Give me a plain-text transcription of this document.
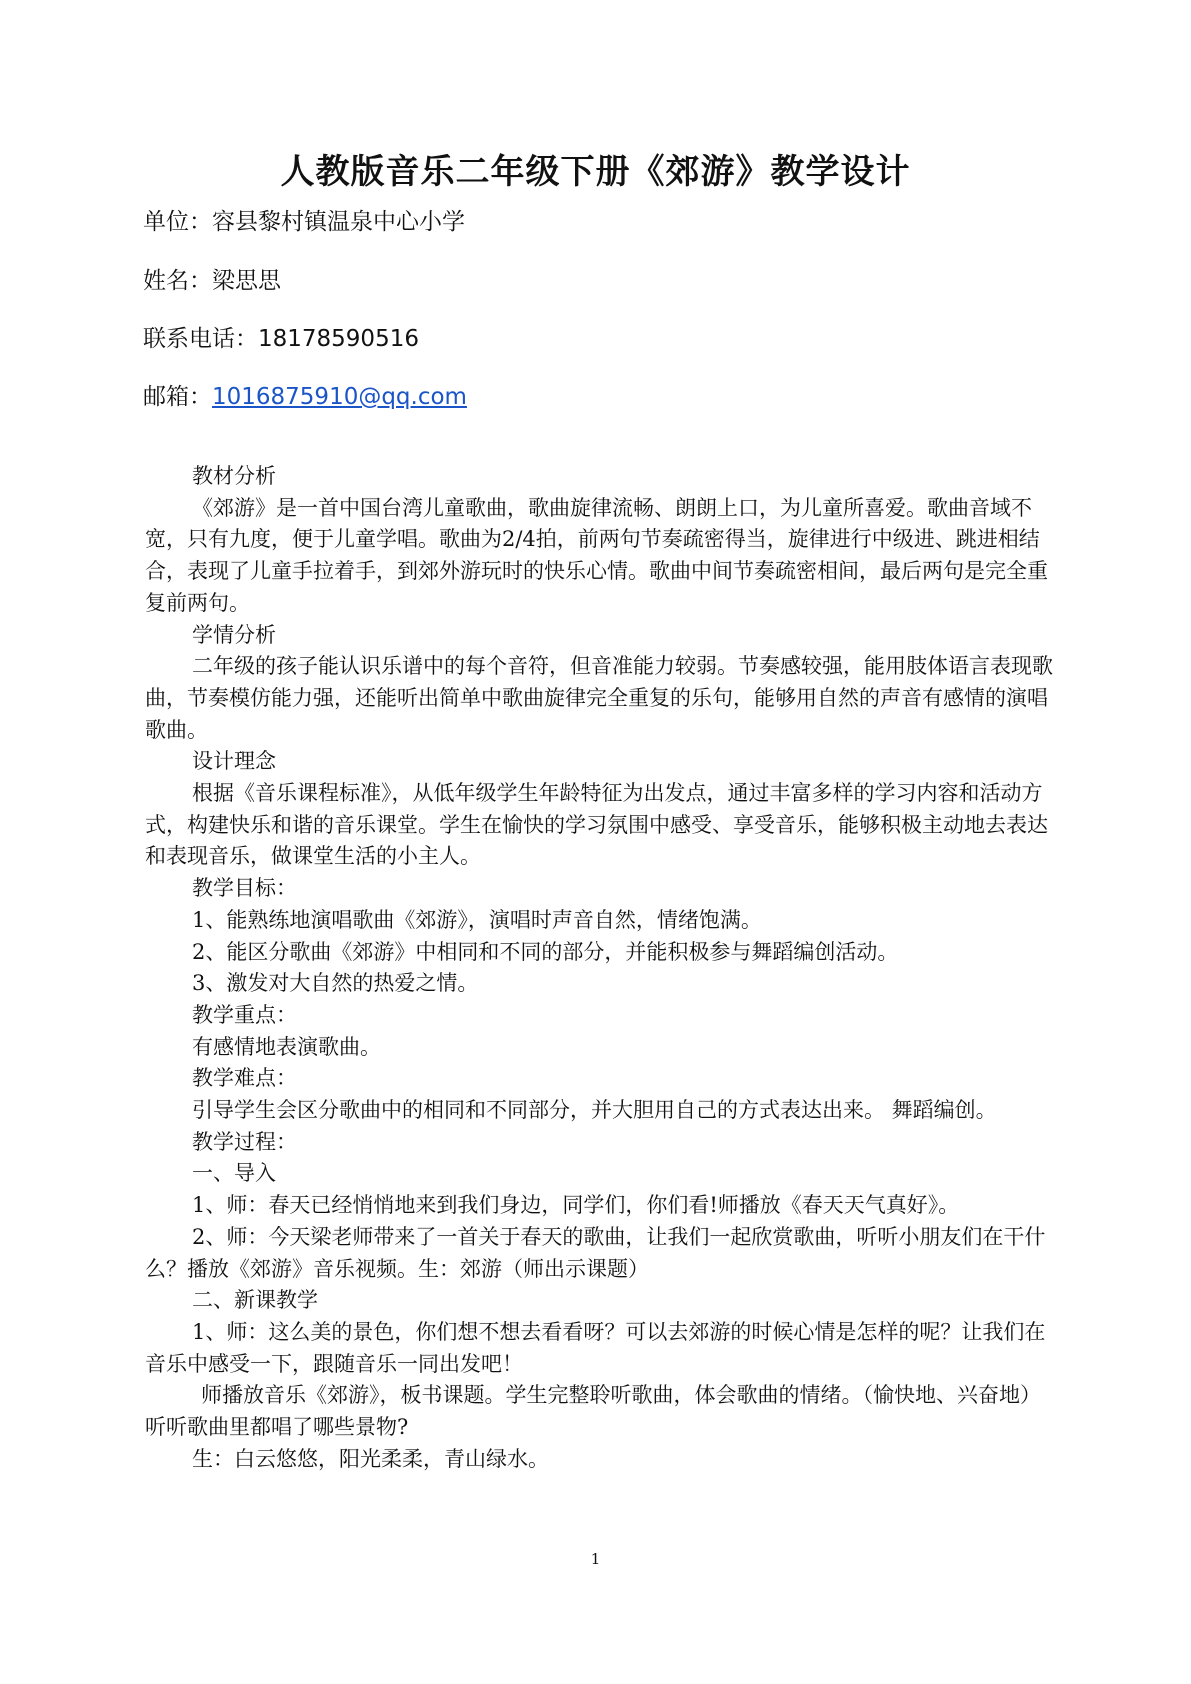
人教版音乐二年级下册《郊游》教学设计
单位：容县黎村镇温泉中心小学
姓名：梁思思
联系电话：18178590516
邮箱：1016875910@qq.com

教材分析

《郊游》是一首中国台湾儿童歌曲，歌曲旋律流畅、朗朗上口，为儿童所喜爱。歌曲音域不宽，只有九度，便于儿童学唱。歌曲为2/4拍，前两句节奏疏密得当，旋律进行中级进、跳进相结合，表现了儿童手拉着手，到郊外游玩时的快乐心情。歌曲中间节奏疏密相间，最后两句是完全重复前两句。

学情分析

二年级的孩子能认识乐谱中的每个音符，但音准能力较弱。节奏感较强，能用肢体语言表现歌曲，节奏模仿能力强，还能听出简单中歌曲旋律完全重复的乐句，能够用自然的声音有感情的演唱歌曲。

设计理念

根据《音乐课程标准》，从低年级学生年龄特征为出发点，通过丰富多样的学习内容和活动方式，构建快乐和谐的音乐课堂。学生在愉快的学习氛围中感受、享受音乐，能够积极主动地去表达和表现音乐，做课堂生活的小主人。

教学目标：

1、能熟练地演唱歌曲《郊游》，演唱时声音自然，情绪饱满。

2、能区分歌曲《郊游》中相同和不同的部分，并能积极参与舞蹈编创活动。

3、激发对大自然的热爱之情。

教学重点：

有感情地表演歌曲。

教学难点：

引导学生会区分歌曲中的相同和不同部分，并大胆用自己的方式表达出来。 舞蹈编创。

教学过程：

一、导入

1、师：春天已经悄悄地来到我们身边，同学们，你们看!师播放《春天天气真好》。

2、师：今天梁老师带来了一首关于春天的歌曲，让我们一起欣赏歌曲，听听小朋友们在干什么？播放《郊游》音乐视频。生：郊游（师出示课题）

二、新课教学

1、师：这么美的景色，你们想不想去看看呀？可以去郊游的时候心情是怎样的呢？让我们在音乐中感受一下，跟随音乐一同出发吧！

师播放音乐《郊游》，板书课题。学生完整聆听歌曲，体会歌曲的情绪。（愉快地、兴奋地）听听歌曲里都唱了哪些景物?

生：白云悠悠，阳光柔柔，青山绿水。

1
